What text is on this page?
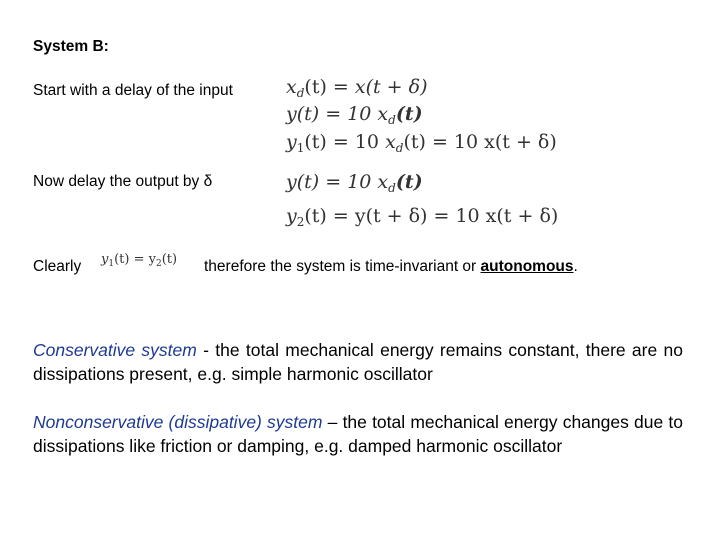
System B:
Start with a delay of the input	$x_d(t) = x(t + \delta)$
y(t) = 10 $x_d(t)$
$y_1(t) = 10$ $x_d(t) = 10$ x(t + δ)
Now delay the output by δ	y(t) = 10 $x_d(t)$
$y_2(t) = y(t + \delta) = 10$ x(t + δ)
Clearly $y_1(t) = y_2(t)$ therefore the system is time-invariant or autonomous.
Conservative system - the total mechanical energy remains constant, there are no dissipations present, e.g. simple harmonic oscillator
Nonconservative (dissipative) system – the total mechanical energy changes due to dissipations like friction or damping, e.g. damped harmonic oscillator
